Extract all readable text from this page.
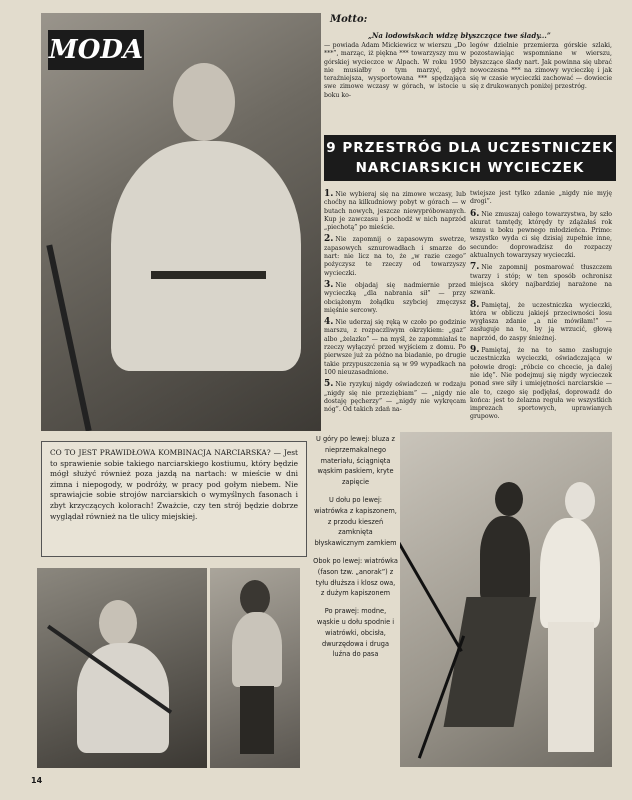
MODA
Motto:
„Na lodowiskach widzę błyszczące twe ślady...”
— powiada Adam Mickiewicz w wierszu „Do ***”, marząc, iż piękna *** towarzyszy mu w górskiej wycieczce w Alpach. W roku 1950 nie musiałby o tym marzyć, gdyż teraźniejsza, wysportowana *** spędzająca swe zimowe wczasy w górach, w istocie u boku ko-
legów dzielnie przemierza górskie szlaki, pozostawiając wspomniane w wierszu, błyszczące ślady nart. Jak powinna się ubrać nowoczesna *** na zimowy wycieczkę i jak się w czasie wycieczki zachować — dowiecie się z drukowanych poniżej przestróg.
9 PRZESTRÓG DLA UCZESTNICZEK
NARCIARSKICH WYCIECZEK

1. Nie wybieraj się na zimowe wczasy, lub choćby na kilkudniowy pobyt w górach — w butach nowych, jeszcze niewypróbowanych. Kup je zawczasu i pochodź w nich naprzód „piechotą” po mieście.

2. Nie zapomnij o zapasowym swetrze, zapasowych sznurowadłach i smarze do nart: nie licz na to, że „w razie czego” pożyczysz te rzeczy od towarzyszy wycieczki.

3. Nie objadaj się nadmiernie przed wycieczką „dla nabrania sił” — przy obciążonym żołądku szybciej zmęczysz mięśnie sercowy.

4. Nie uderzaj się ręką w czoło po godzinie marszu, z rozpaczliwym okrzykiem: „gaz” albo „żelazko” — na myśl, że zapomniałaś te rzeczy wyłączyć przed wyjściem z domu. Po pierwsze już za późno na biadanie, po drugie takie przypuszczenia są w 99 wypadkach na 100 nieuzasadnione.

5. Nie ryzykuj nigdy oświadczeń w rodzaju „nigdy się nie przeziębiam” — „nigdy nie dostaję pęcherzy” — „nigdy nie wykręcam nóg”. Od takich zdań na-

twiejsze jest tylko zdanie „nigdy nie myję drogi”.

6. Nie zmuszaj całego towarzystwa, by szło akurat tamtędy, którędy ty zdążałaś rok temu u boku pewnego młodzieńca. Primo: wszystko wyda ci się dzisiaj zupełnie inne, secundo: doprowadzisz do rozpaczy aktualnych towarzyszy wycieczki.

7. Nie zapomnij posmarować tłuszczem twarzy i stóp; w ten sposób ochronisz miejsca skóry najbardziej narażone na szwank.

8. Pamiętaj, że uczestniczka wycieczki, która w obliczu jakiejś przeciwności losu wygłasza zdanie „a nie mówiłam!” — zasługuje na to, by ją wrzucić, głową naprzód, do zaspy śnieżnej.

9. Pamiętaj, że na to samo zasługuje uczestniczka wycieczki, oświadczająca w połowie drogi: „róbcie co chcecie, ja dalej nie idę”. Nie podejmuj się nigdy wycieczek ponad swe siły i umiejętności narciarskie — ale to, czego się podjęłaś, doprowadź do końca: jest to żelazna reguła we wszystkich imprezach sportowych, uprawianych grupowo.

CO TO JEST PRAWIDŁOWA KOMBINACJA NARCIARSKA? — Jest to sprawienie sobie takiego narciarskiego kostiumu, który będzie mógł służyć również poza jazdą na nartach: w mieście w dni zimna i niepogody, w podróży, w pracy pod gołym niebem. Nie sprawiajcie sobie strojów narciarskich o wymyślnych fasonach i zbyt krzyczących kolorach! Zważcie, czy ten strój będzie dobrze wyglądał również na tle ulicy miejskiej.

U góry po lewej: bluza z nieprzemakalnego materiału, ściągnięta wąskim paskiem, kryte zapięcie

U dołu po lewej: wiatrówka z kapiszonem, z przodu kieszeń zamknięta błyskawicznym zamkiem

Obok po lewej: wiatrówka (fason tzw. „anorak”) z tyłu dłuższa i klosz owa, z dużym kapiszonem

Po prawej: modne, wąskie u dołu spodnie i wiatrówki, obcisła, dwurzędowa i druga luźna do pasa

14
